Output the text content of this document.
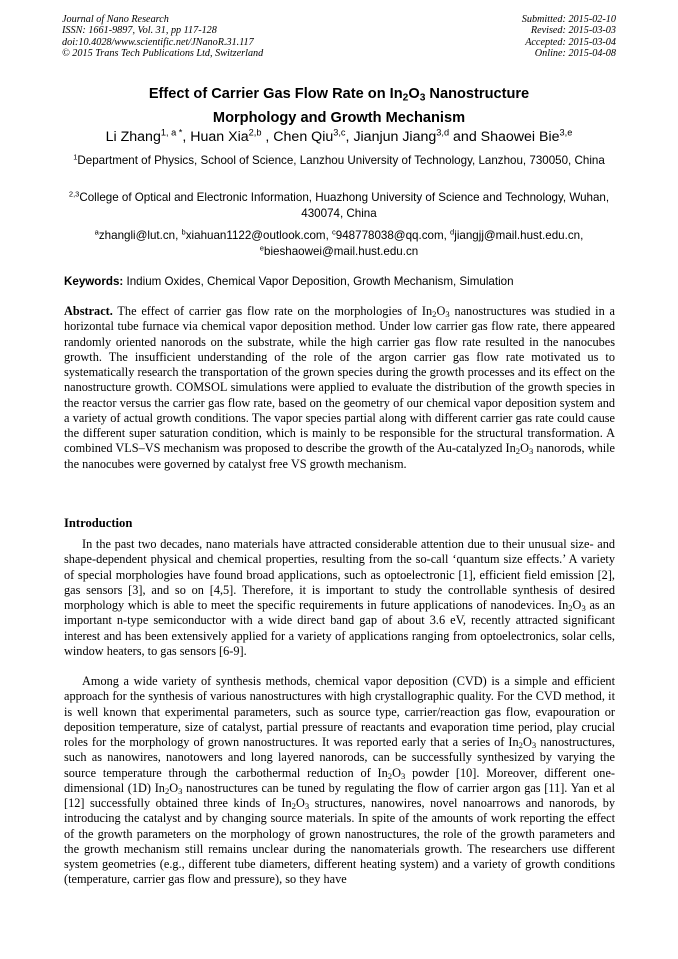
Journal of Nano Research
ISSN: 1661-9897, Vol. 31, pp 117-128
doi:10.4028/www.scientific.net/JNanoR.31.117
© 2015 Trans Tech Publications Ltd, Switzerland
Submitted: 2015-02-10
Revised: 2015-03-03
Accepted: 2015-03-04
Online: 2015-04-08
Effect of Carrier Gas Flow Rate on $In_2O_3$ Nanostructure
Morphology and Growth Mechanism
Li Zhang$^{1, a *}$, Huan Xia$^{2,b}$ , Chen Qiu$^{3,c}$, Jianjun Jiang$^{3,d}$ and Shaowei Bie$^{3,e}$
$^1$Department of Physics, School of Science, Lanzhou University of Technology, Lanzhou, 730050, China
$^{2,3}$College of Optical and Electronic Information, Huazhong University of Science and Technology, Wuhan, 430074, China
$^a$zhangli@lut.cn, $^b$xiahuan1122@outlook.com, $^c$948778038@qq.com, $^d$jiangjj@mail.hust.edu.cn,
$^e$bieshaowei@mail.hust.edu.cn
Keywords: Indium Oxides, Chemical Vapor Deposition, Growth Mechanism, Simulation
Abstract. The effect of carrier gas flow rate on the morphologies of $In_2O_3$ nanostructures was studied in a horizontal tube furnace via chemical vapor deposition method. Under low carrier gas flow rate, there appeared randomly oriented nanorods on the substrate, while the high carrier gas flow rate resulted in the nanocubes growth. The insufficient understanding of the role of the argon carrier gas flow rate motivated us to systematically research the transportation of the grown species during the growth processes and its effect on the nanostructure growth. COMSOL simulations were applied to evaluate the distribution of the growth species in the reactor versus the carrier gas flow rate, based on the geometry of our chemical vapor deposition system and a variety of actual growth conditions. The vapor species partial along with different carrier gas rate could cause the different super saturation condition, which is mainly to be responsible for the structural transformation. A combined VLS–VS mechanism was proposed to describe the growth of the Au-catalyzed $In_2O_3$ nanorods, while the nanocubes were governed by catalyst free VS growth mechanism.
Introduction
In the past two decades, nano materials have attracted considerable attention due to their unusual size- and shape-dependent physical and chemical properties, resulting from the so-call ‘quantum size effects.’ A variety of special morphologies have found broad applications, such as optoelectronic [1], efficient field emission [2], gas sensors [3], and so on [4,5]. Therefore, it is important to study the controllable synthesis of desired morphology which is able to meet the specific requirements in future applications of nanodevices. $In_2O_3$ as an important n-type semiconductor with a wide direct band gap of about 3.6 eV, recently attracted significant interest and has been extensively applied for a variety of applications ranging from optoelectronics, solar cells, window heaters, to gas sensors [6-9].
Among a wide variety of synthesis methods, chemical vapor deposition (CVD) is a simple and efficient approach for the synthesis of various nanostructures with high crystallographic quality. For the CVD method, it is well known that experimental parameters, such as source type, carrier/reaction gas flow, evapouration or deposition temperature, size of catalyst, partial pressure of reactants and evaporation time period, play crucial roles for the morphology of grown nanostructures. It was reported early that a series of $In_2O_3$ nanostructures, such as nanowires, nanotowers and long layered nanorods, can be successfully synthesized by varying the source temperature through the carbothermal reduction of $In_2O_3$ powder [10]. Moreover, different one-dimensional (1D) $In_2O_3$ nanostructures can be tuned by regulating the flow of carrier argon gas [11]. Yan et al [12] successfully obtained three kinds of $In_2O_3$ structures, nanowires, novel nanoarrows and nanorods, by introducing the catalyst and by changing source materials. In spite of the amounts of work reporting the effect of the growth parameters on the morphology of grown nanostructures, the role of the growth parameters and the growth mechanism still remains unclear during the nanomaterials growth. The researchers use different system geometries (e.g., different tube diameters, different heating system) and a variety of growth conditions (temperature, carrier gas flow and pressure), so they have
